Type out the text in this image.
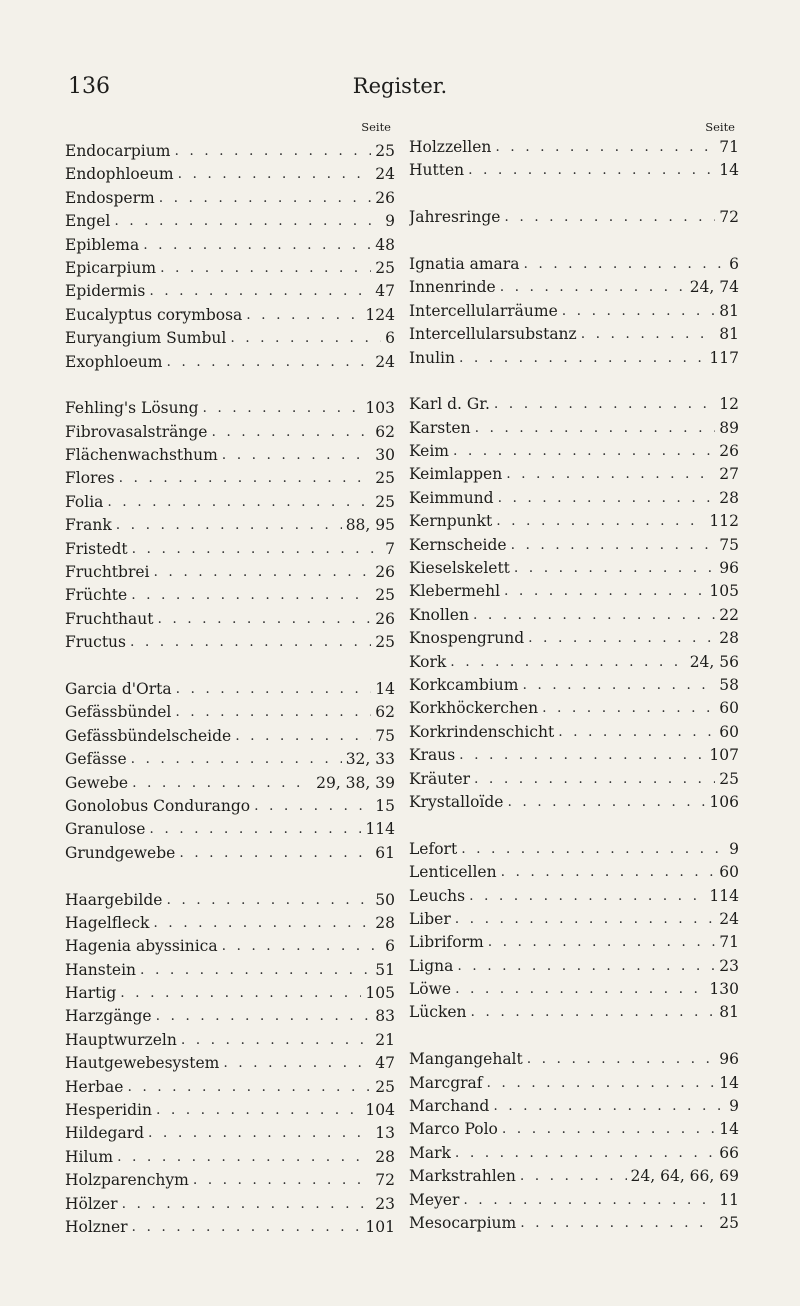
136	Register.
Seite
Endocarpium . . .	25
Endophloeum . . .	24
Endosperm . . .	26
Engel . . .	9
Epiblema . . .	48
Epicarpium . . .	25
Epidermis . . .	47
Eucalyptus corymbosa . . .	124
Euryangium Sumbul . . .	6
Exophloeum . . .	24
Fehling's Lösung . . .	103
Fibrovasalstränge . . .	62
Flächenwachsthum . . .	30
Flores . . .	25
Folia . . .	25
Frank . . .	88, 95
Fristedt . . .	7
Fruchtbrei . . .	26
Früchte . . .	25
Fruchthaut . . .	26
Fructus . . .	25
Garcia d'Orta . . .	14
Gefässbündel . . .	62
Gefässbündelscheide . . .	75
Gefässe . . .	32, 33
Gewebe . . .	29, 38, 39
Gonolobus Condurango . . .	15
Granulose . . .	114
Grundgewebe . . .	61
Haargebilde . . .	50
Hagelfleck . . .	28
Hagenia abyssinica . . .	6
Hanstein . . .	51
Hartig . . .	105
Harzgänge . . .	83
Hauptwurzeln . . .	21
Hautgewebesystem . . .	47
Herbae . . .	25
Hesperidin . . .	104
Hildegard . . .	13
Hilum . . .	28
Holzparenchym . . .	72
Hölzer . . .	23
Holzner . . .	101
Seite
Holzzellen . . .	71
Hutten . . .	14
Jahresringe . . .	72
Ignatia amara . . .	6
Innenrinde . . .	24, 74
Intercellularräume . . .	81
Intercellularsubstanz . . .	81
Inulin . . .	117
Karl d. Gr. . . .	12
Karsten . . .	89
Keim . . .	26
Keimlappen . . .	27
Keimmund . . .	28
Kernpunkt . . .	112
Kernscheide . . .	75
Kieselskelett . . .	96
Klebermehl . . .	105
Knollen . . .	22
Knospengrund . . .	28
Kork . . .	24, 56
Korkcambium . . .	58
Korkhöckerchen . . .	60
Korkrindenschicht . . .	60
Kraus . . .	107
Kräuter . . .	25
Krystalloïde . . .	106
Lefort . . .	9
Lenticellen . . .	60
Leuchs . . .	114
Liber . . .	24
Libriform . . .	71
Ligna . . .	23
Löwe . . .	130
Lücken . . .	81
Mangangehalt . . .	96
Marcgraf . . .	14
Marchand . . .	9
Marco Polo . . .	14
Mark . . .	66
Markstrahlen . . .	24, 64, 66, 69
Meyer . . .	11
Mesocarpium . . .	25
